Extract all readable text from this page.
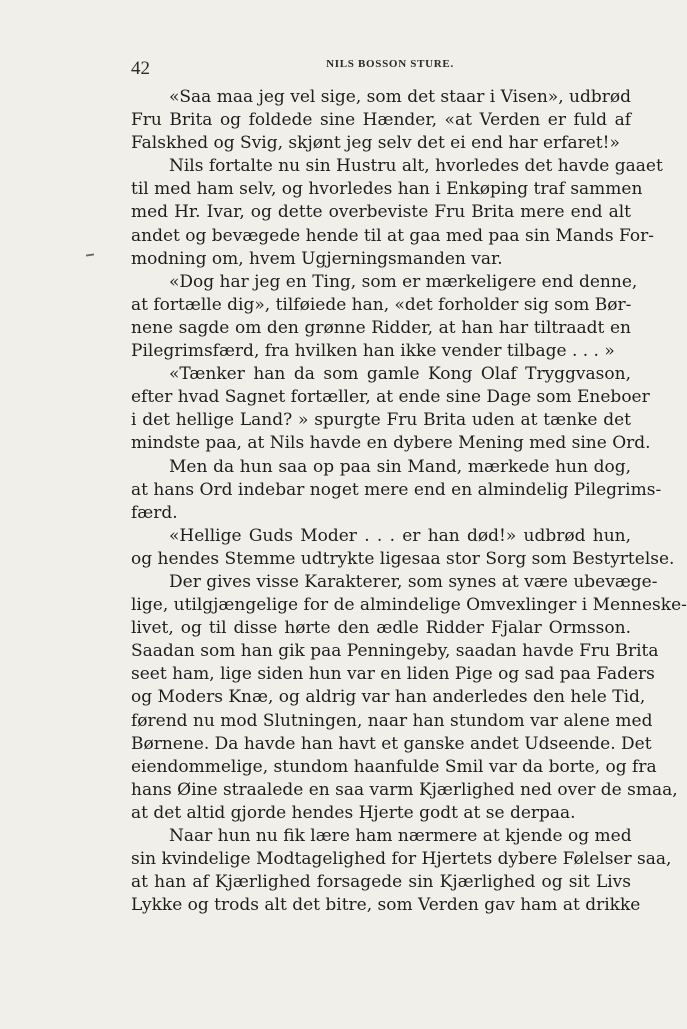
42	NILS BOSSON STURE.
«Saa maa jeg vel sige, som det staar i Visen», udbrød
Fru Brita og foldede sine Hænder, «at Verden er fuld af
Falskhed og Svig, skjønt jeg selv det ei end har erfaret!»
Nils fortalte nu sin Hustru alt, hvorledes det havde gaaet
til med ham selv, og hvorledes han i Enkøping traf sammen
med Hr. Ivar, og dette overbeviste Fru Brita mere end alt
andet og bevægede hende til at gaa med paa sin Mands For-
modning om, hvem Ugjerningsmanden var.
«Dog har jeg en Ting, som er mærkeligere end denne,
at fortælle dig», tilføiede han, «det forholder sig som Bør-
nene sagde om den grønne Ridder, at han har tiltraadt en
Pilegrimsfærd, fra hvilken han ikke vender tilbage . . . »
«Tænker han da som gamle Kong Olaf Tryggvason,
efter hvad Sagnet fortæller, at ende sine Dage som Eneboer
i det hellige Land? » spurgte Fru Brita uden at tænke det
mindste paa, at Nils havde en dybere Mening med sine Ord.
Men da hun saa op paa sin Mand, mærkede hun dog,
at hans Ord indebar noget mere end en almindelig Pilegrims-
færd.
«Hellige Guds Moder . . . er han død!» udbrød hun,
og hendes Stemme udtrykte ligesaa stor Sorg som Bestyrtelse.
Der gives visse Karakterer, som synes at være ubevæge-
lige, utilgjængelige for de almindelige Omvexlinger i Menneske-
livet, og til disse hørte den ædle Ridder Fjalar Ormsson.
Saadan som han gik paa Penningeby, saadan havde Fru Brita
seet ham, lige siden hun var en liden Pige og sad paa Faders
og Moders Knæ, og aldrig var han anderledes den hele Tid,
førend nu mod Slutningen, naar han stundom var alene med
Børnene. Da havde han havt et ganske andet Udseende. Det
eiendommelige, stundom haanfulde Smil var da borte, og fra
hans Øine straalede en saa varm Kjærlighed ned over de smaa,
at det altid gjorde hendes Hjerte godt at se derpaa.
Naar hun nu fik lære ham nærmere at kjende og med
sin kvindelige Modtagelighed for Hjertets dybere Følelser saa,
at han af Kjærlighed forsagede sin Kjærlighed og sit Livs
Lykke og trods alt det bitre, som Verden gav ham at drikke
